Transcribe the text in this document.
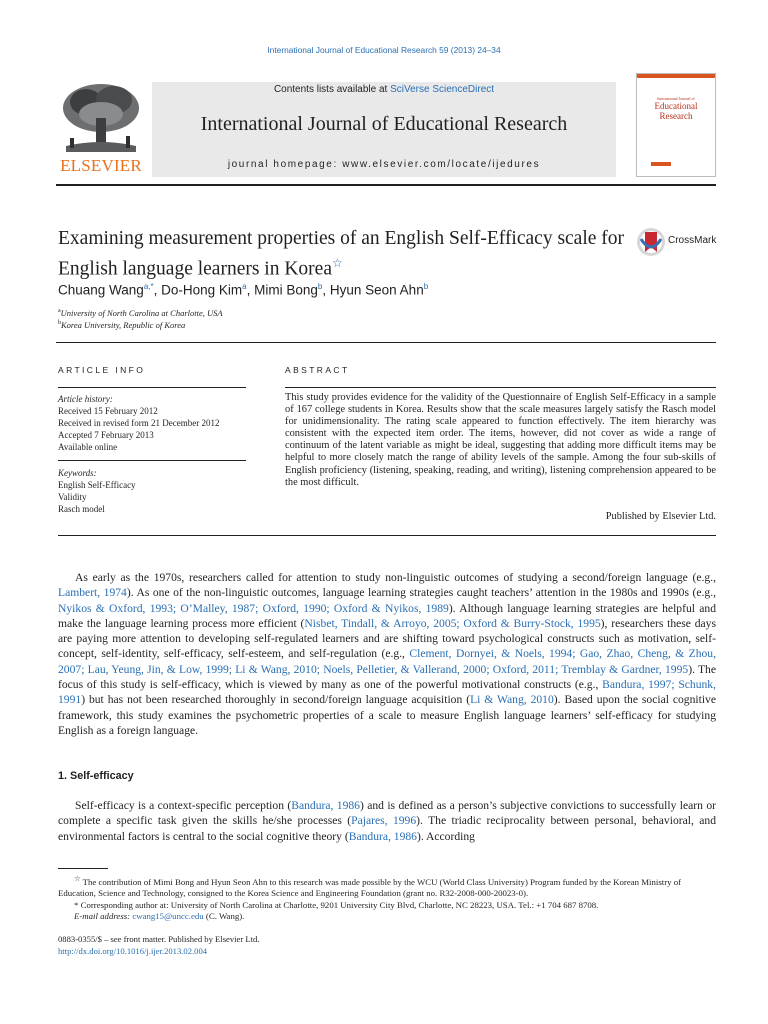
International Journal of Educational Research 59 (2013) 24–34
ELSEVIER
Contents lists available at SciVerse ScienceDirect
International Journal of Educational Research
journal homepage: www.elsevier.com/locate/ijedures
International Journal of
Educational
Research
Examining measurement properties of an English Self-Efficacy scale for English language learners in Korea☆
CrossMark
Chuang Wang$^{a,*}$, Do-Hong Kim$^a$, Mimi Bong$^b$, Hyun Seon Ahn$^b$
$^a$University of North Carolina at Charlotte, USA
$^b$Korea University, Republic of Korea
ARTICLE INFO	ABSTRACT
Article history:
Received 15 February 2012
Received in revised form 21 December 2012
Accepted 7 February 2013
Available online
Keywords:
English Self-Efficacy
Validity
Rasch model
This study provides evidence for the validity of the Questionnaire of English Self-Efficacy in a sample of 167 college students in Korea. Results show that the scale measures largely satisfy the Rasch model for unidimensionality. The rating scale appeared to function effectively. The item hierarchy was consistent with the expected item order. The items, however, did not cover as wide a range of continuum of the latent variable as might be ideal, suggesting that adding more difficult items may be helpful to more closely match the range of ability levels of the sample. Among the four sub-skills of English proficiency (listening, speaking, reading, and writing), listening comprehension appeared to be the most difficult.
Published by Elsevier Ltd.
As early as the 1970s, researchers called for attention to study non-linguistic outcomes of studying a second/foreign language (e.g., Lambert, 1974). As one of the non-linguistic outcomes, language learning strategies caught teachers’ attention in the 1980s and 1990s (e.g., Nyikos & Oxford, 1993; O’Malley, 1987; Oxford, 1990; Oxford & Nyikos, 1989). Although language learning strategies are helpful and make the language learning process more efficient (Nisbet, Tindall, & Arroyo, 2005; Oxford & Burry-Stock, 1995), researchers these days are paying more attention to developing self-regulated learners and are shifting toward psychological constructs such as motivation, self-concept, self-identity, self-efficacy, self-esteem, and self-regulation (e.g., Clement, Dornyei, & Noels, 1994; Gao, Zhao, Cheng, & Zhou, 2007; Lau, Yeung, Jin, & Low, 1999; Li & Wang, 2010; Noels, Pelletier, & Vallerand, 2000; Oxford, 2011; Tremblay & Gardner, 1995). The focus of this study is self-efficacy, which is viewed by many as one of the powerful motivational constructs (e.g., Bandura, 1997; Schunk, 1991) but has not been researched thoroughly in second/foreign language acquisition (Li & Wang, 2010). Based upon the social cognitive framework, this study examines the psychometric properties of a scale to measure English language learners’ self-efficacy for studying English as a foreign language.
1. Self-efficacy
Self-efficacy is a context-specific perception (Bandura, 1986) and is defined as a person’s subjective convictions to successfully learn or complete a specific task given the skills he/she processes (Pajares, 1996). The triadic reciprocality between personal, behavioral, and environmental factors is central to the social cognitive theory (Bandura, 1986). According
☆ The contribution of Mimi Bong and Hyun Seon Ahn to this research was made possible by the WCU (World Class University) Program funded by the Korean Ministry of Education, Science and Technology, consigned to the Korea Science and Engineering Foundation (grant no. R32-2008-000-20023-0).
* Corresponding author at: University of North Carolina at Charlotte, 9201 University City Blvd, Charlotte, NC 28223, USA. Tel.: +1 704 687 8708.
E-mail address: cwang15@uncc.edu (C. Wang).
0883-0355/$ – see front matter. Published by Elsevier Ltd.
http://dx.doi.org/10.1016/j.ijer.2013.02.004
